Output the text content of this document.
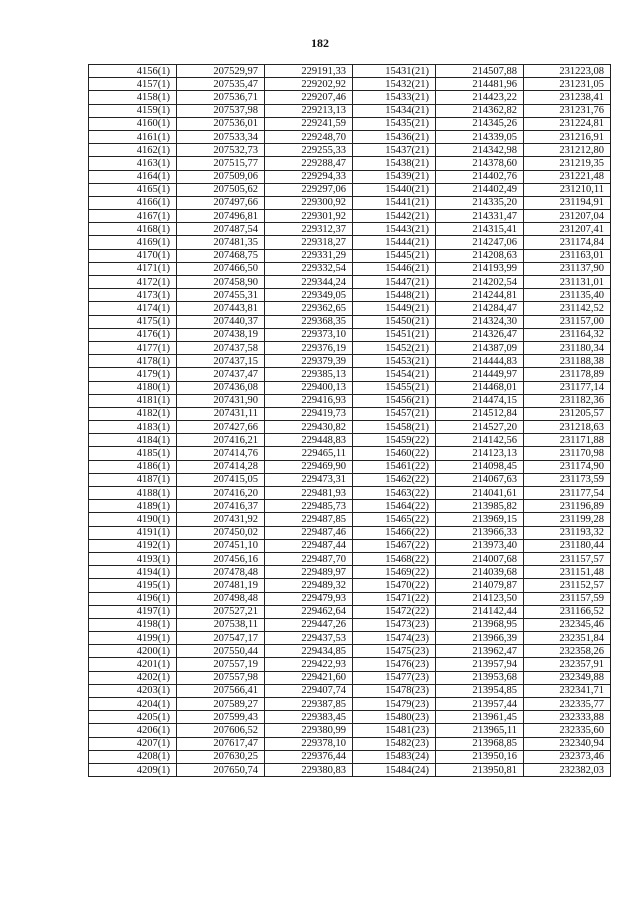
182
4156(1)	207529,97	229191,33	15431(21)	214507,88	231223,08
4157(1)	207535,47	229202,92	15432(21)	214481,96	231231,05
4158(1)	207536,71	229207,46	15433(21)	214423,22	231238,41
4159(1)	207537,98	229213,13	15434(21)	214362,82	231231,76
4160(1)	207536,01	229241,59	15435(21)	214345,26	231224,81
4161(1)	207533,34	229248,70	15436(21)	214339,05	231216,91
4162(1)	207532,73	229255,33	15437(21)	214342,98	231212,80
4163(1)	207515,77	229288,47	15438(21)	214378,60	231219,35
4164(1)	207509,06	229294,33	15439(21)	214402,76	231221,48
4165(1)	207505,62	229297,06	15440(21)	214402,49	231210,11
4166(1)	207497,66	229300,92	15441(21)	214335,20	231194,91
4167(1)	207496,81	229301,92	15442(21)	214331,47	231207,04
4168(1)	207487,54	229312,37	15443(21)	214315,41	231207,41
4169(1)	207481,35	229318,27	15444(21)	214247,06	231174,84
4170(1)	207468,75	229331,29	15445(21)	214208,63	231163,01
4171(1)	207466,50	229332,54	15446(21)	214193,99	231137,90
4172(1)	207458,90	229344,24	15447(21)	214202,54	231131,01
4173(1)	207455,31	229349,05	15448(21)	214244,81	231135,40
4174(1)	207443,81	229362,65	15449(21)	214284,47	231142,52
4175(1)	207440,37	229368,35	15450(21)	214324,30	231157,00
4176(1)	207438,19	229373,10	15451(21)	214326,47	231164,32
4177(1)	207437,58	229376,19	15452(21)	214387,09	231180,34
4178(1)	207437,15	229379,39	15453(21)	214444,83	231188,38
4179(1)	207437,47	229385,13	15454(21)	214449,97	231178,89
4180(1)	207436,08	229400,13	15455(21)	214468,01	231177,14
4181(1)	207431,90	229416,93	15456(21)	214474,15	231182,36
4182(1)	207431,11	229419,73	15457(21)	214512,84	231205,57
4183(1)	207427,66	229430,82	15458(21)	214527,20	231218,63
4184(1)	207416,21	229448,83	15459(22)	214142,56	231171,88
4185(1)	207414,76	229465,11	15460(22)	214123,13	231170,98
4186(1)	207414,28	229469,90	15461(22)	214098,45	231174,90
4187(1)	207415,05	229473,31	15462(22)	214067,63	231173,59
4188(1)	207416,20	229481,93	15463(22)	214041,61	231177,54
4189(1)	207416,37	229485,73	15464(22)	213985,82	231196,89
4190(1)	207431,92	229487,85	15465(22)	213969,15	231199,28
4191(1)	207450,02	229487,46	15466(22)	213966,33	231193,32
4192(1)	207451,10	229487,44	15467(22)	213973,40	231180,44
4193(1)	207456,16	229487,70	15468(22)	214007,68	231157,57
4194(1)	207478,48	229489,97	15469(22)	214039,68	231151,48
4195(1)	207481,19	229489,32	15470(22)	214079,87	231152,57
4196(1)	207498,48	229479,93	15471(22)	214123,50	231157,59
4197(1)	207527,21	229462,64	15472(22)	214142,44	231166,52
4198(1)	207538,11	229447,26	15473(23)	213968,95	232345,46
4199(1)	207547,17	229437,53	15474(23)	213966,39	232351,84
4200(1)	207550,44	229434,85	15475(23)	213962,47	232358,26
4201(1)	207557,19	229422,93	15476(23)	213957,94	232357,91
4202(1)	207557,98	229421,60	15477(23)	213953,68	232349,88
4203(1)	207566,41	229407,74	15478(23)	213954,85	232341,71
4204(1)	207589,27	229387,85	15479(23)	213957,44	232335,77
4205(1)	207599,43	229383,45	15480(23)	213961,45	232333,88
4206(1)	207606,52	229380,99	15481(23)	213965,11	232335,60
4207(1)	207617,47	229378,10	15482(23)	213968,85	232340,94
4208(1)	207630,25	229376,44	15483(24)	213950,16	232373,46
4209(1)	207650,74	229380,83	15484(24)	213950,81	232382,03
